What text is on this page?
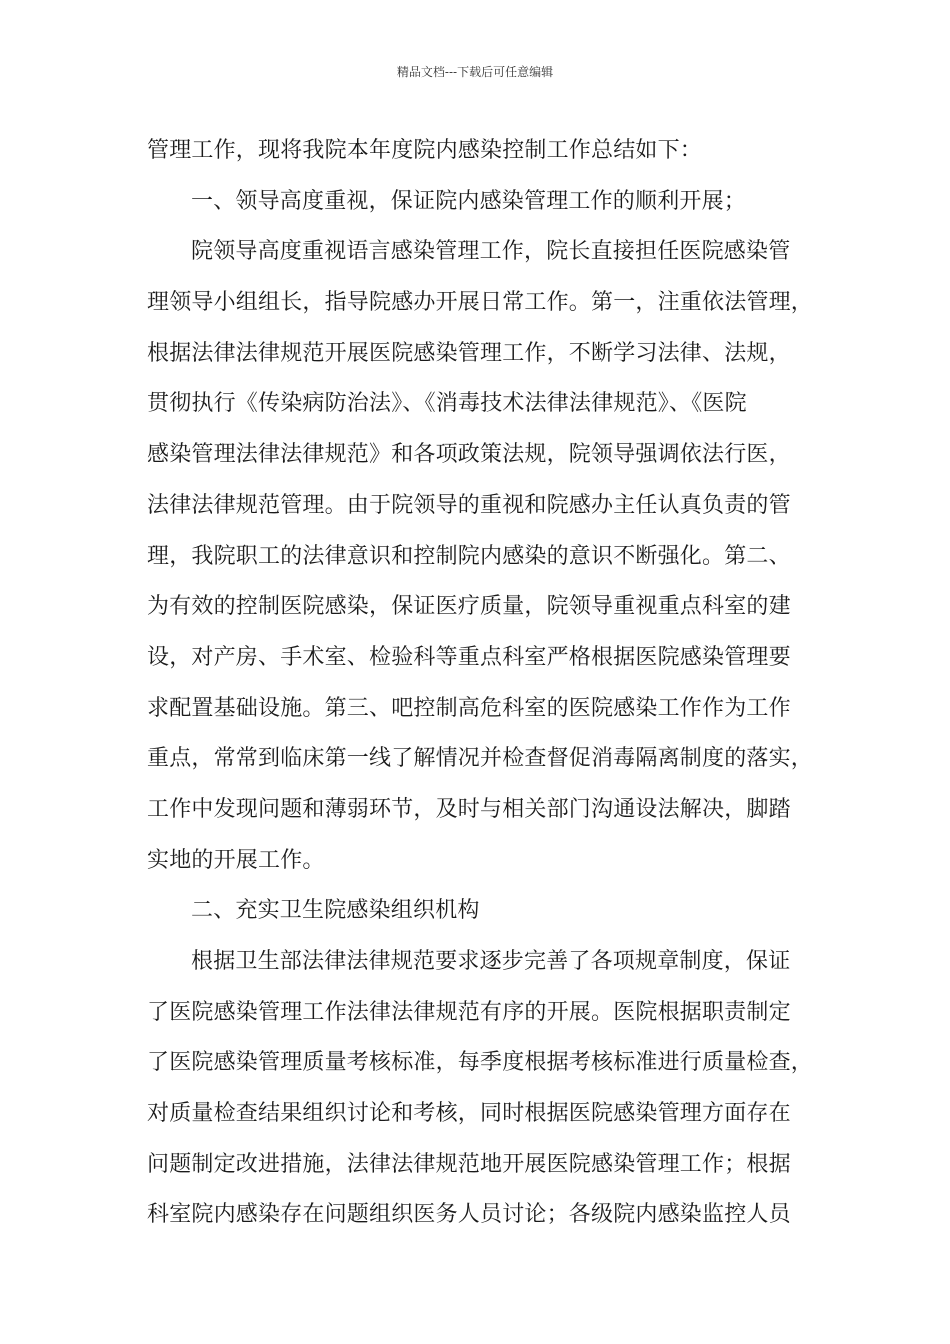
精品文档---下载后可任意编辑
管理工作，现将我院本年度院内感染控制工作总结如下：
一、领导高度重视，保证院内感染管理工作的顺利开展；
院领导高度重视语言感染管理工作，院长直接担任医院感染管
理领导小组组长，指导院感办开展日常工作。第一，注重依法管理，
根据法律法律规范开展医院感染管理工作，不断学习法律、法规，
贯彻执行《传染病防治法》、《消毒技术法律法律规范》、《医院
感染管理法律法律规范》和各项政策法规，院领导强调依法行医，
法律法律规范管理。由于院领导的重视和院感办主任认真负责的管
理，我院职工的法律意识和控制院内感染的意识不断强化。第二、
为有效的控制医院感染，保证医疗质量，院领导重视重点科室的建
设，对产房、手术室、检验科等重点科室严格根据医院感染管理要
求配置基础设施。第三、吧控制高危科室的医院感染工作作为工作
重点，常常到临床第一线了解情况并检查督促消毒隔离制度的落实，
工作中发现问题和薄弱环节，及时与相关部门沟通设法解决，脚踏
实地的开展工作。
二、充实卫生院感染组织机构
根据卫生部法律法律规范要求逐步完善了各项规章制度，保证
了医院感染管理工作法律法律规范有序的开展。医院根据职责制定
了医院感染管理质量考核标准，每季度根据考核标准进行质量检查，
对质量检查结果组织讨论和考核，同时根据医院感染管理方面存在
问题制定改进措施，法律法律规范地开展医院感染管理工作；根据
科室院内感染存在问题组织医务人员讨论；各级院内感染监控人员
